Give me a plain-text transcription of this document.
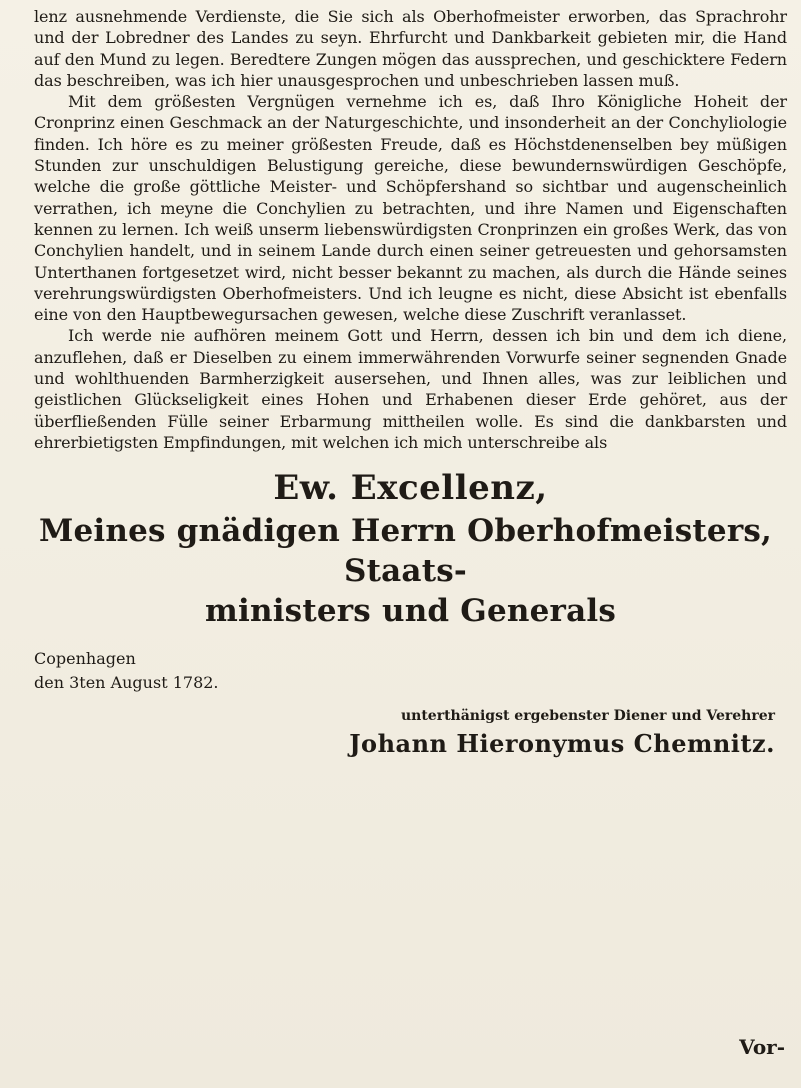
lenz ausnehmende Verdienste, die Sie sich als Oberhofmeister erworben, das Sprachrohr und der Lobredner des Landes zu seyn. Ehrfurcht und Dankbarkeit gebieten mir, die Hand auf den Mund zu legen. Beredtere Zungen mögen das aussprechen, und geschicktere Federn das beschreiben, was ich hier unausgesprochen und unbeschrieben lassen muß.

Mit dem größesten Vergnügen vernehme ich es, daß Ihro Königliche Hoheit der Cronprinz einen Geschmack an der Naturgeschichte, und insonderheit an der Conchyliologie finden. Ich höre es zu meiner größesten Freude, daß es Höchstdenenselben bey müßigen Stunden zur unschuldigen Belustigung gereiche, diese bewundernswürdigen Geschöpfe, welche die große göttliche Meister- und Schöpfershand so sichtbar und augenscheinlich verrathen, ich meyne die Conchylien zu betrachten, und ihre Namen und Eigenschaften kennen zu lernen. Ich weiß unserm liebenswürdigsten Cronprinzen ein großes Werk, das von Conchylien handelt, und in seinem Lande durch einen seiner getreuesten und gehorsamsten Unterthanen fortgesetzet wird, nicht besser bekannt zu machen, als durch die Hände seines verehrungswürdigsten Oberhofmeisters. Und ich leugne es nicht, diese Absicht ist ebenfalls eine von den Hauptbewegursachen gewesen, welche diese Zuschrift veranlasset.

Ich werde nie aufhören meinem Gott und Herrn, dessen ich bin und dem ich diene, anzuflehen, daß er Dieselben zu einem immerwährenden Vorwurfe seiner segnenden Gnade und wohlthuenden Barmherzigkeit ausersehen, und Ihnen alles, was zur leiblichen und geistlichen Glückseligkeit eines Hohen und Erhabenen dieser Erde gehöret, aus der überfließenden Fülle seiner Erbarmung mittheilen wolle. Es sind die dankbarsten und ehrerbietigsten Empfindungen, mit welchen ich mich unterschreibe als

Ew. Excellenz,
Meines gnädigen Herrn Oberhofmeisters, Staats-
ministers und Generals
Copenhagen
den 3ten August 1782.
unterthänigst ergebenster Diener und Verehrer
Johann Hieronymus Chemnitz.
Vor-
